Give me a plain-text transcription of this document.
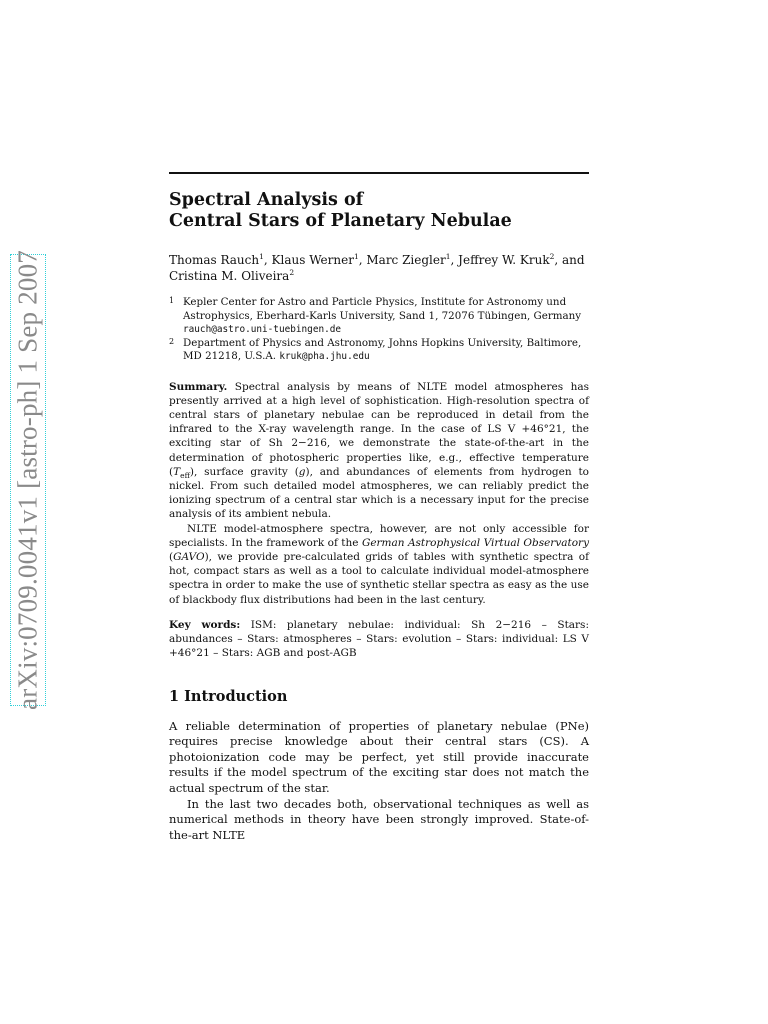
arXiv:0709.0041v1 [astro-ph] 1 Sep 2007
Spectral Analysis of
Central Stars of Planetary Nebulae
Thomas Rauch$^1$, Klaus Werner$^1$, Marc Ziegler$^1$, Jeffrey W. Kruk$^2$, and
Cristina M. Oliveira$^2$
1 Kepler Center for Astro and Particle Physics, Institute for Astronomy und Astrophysics, Eberhard-Karls University, Sand 1, 72076 Tübingen, Germany
rauch@astro.uni-tuebingen.de
2 Department of Physics and Astronomy, Johns Hopkins University, Baltimore, MD 21218, U.S.A. kruk@pha.jhu.edu

Summary. Spectral analysis by means of NLTE model atmospheres has presently arrived at a high level of sophistication. High-resolution spectra of central stars of planetary nebulae can be reproduced in detail from the infrared to the X-ray wavelength range. In the case of LS V +46°21, the exciting star of Sh 2−216, we demonstrate the state-of-the-art in the determination of photospheric properties like, e.g., effective temperature $(T_{eff})$, surface gravity (g), and abundances of elements from hydrogen to nickel. From such detailed model atmospheres, we can reliably predict the ionizing spectrum of a central star which is a necessary input for the precise analysis of its ambient nebula.

NLTE model-atmosphere spectra, however, are not only accessible for specialists. In the framework of the German Astrophysical Virtual Observatory (GAVO), we provide pre-calculated grids of tables with synthetic spectra of hot, compact stars as well as a tool to calculate individual model-atmosphere spectra in order to make the use of synthetic stellar spectra as easy as the use of blackbody flux distributions had been in the last century.

Key words: ISM: planetary nebulae: individual: Sh 2−216 – Stars: abundances – Stars: atmospheres – Stars: evolution – Stars: individual: LS V +46°21 – Stars: AGB and post-AGB
1 Introduction

A reliable determination of properties of planetary nebulae (PNe) requires precise knowledge about their central stars (CS). A photoionization code may be perfect, yet still provide inaccurate results if the model spectrum of the exciting star does not match the actual spectrum of the star.

In the last two decades both, observational techniques as well as numerical methods in theory have been strongly improved. State-of-the-art NLTE
